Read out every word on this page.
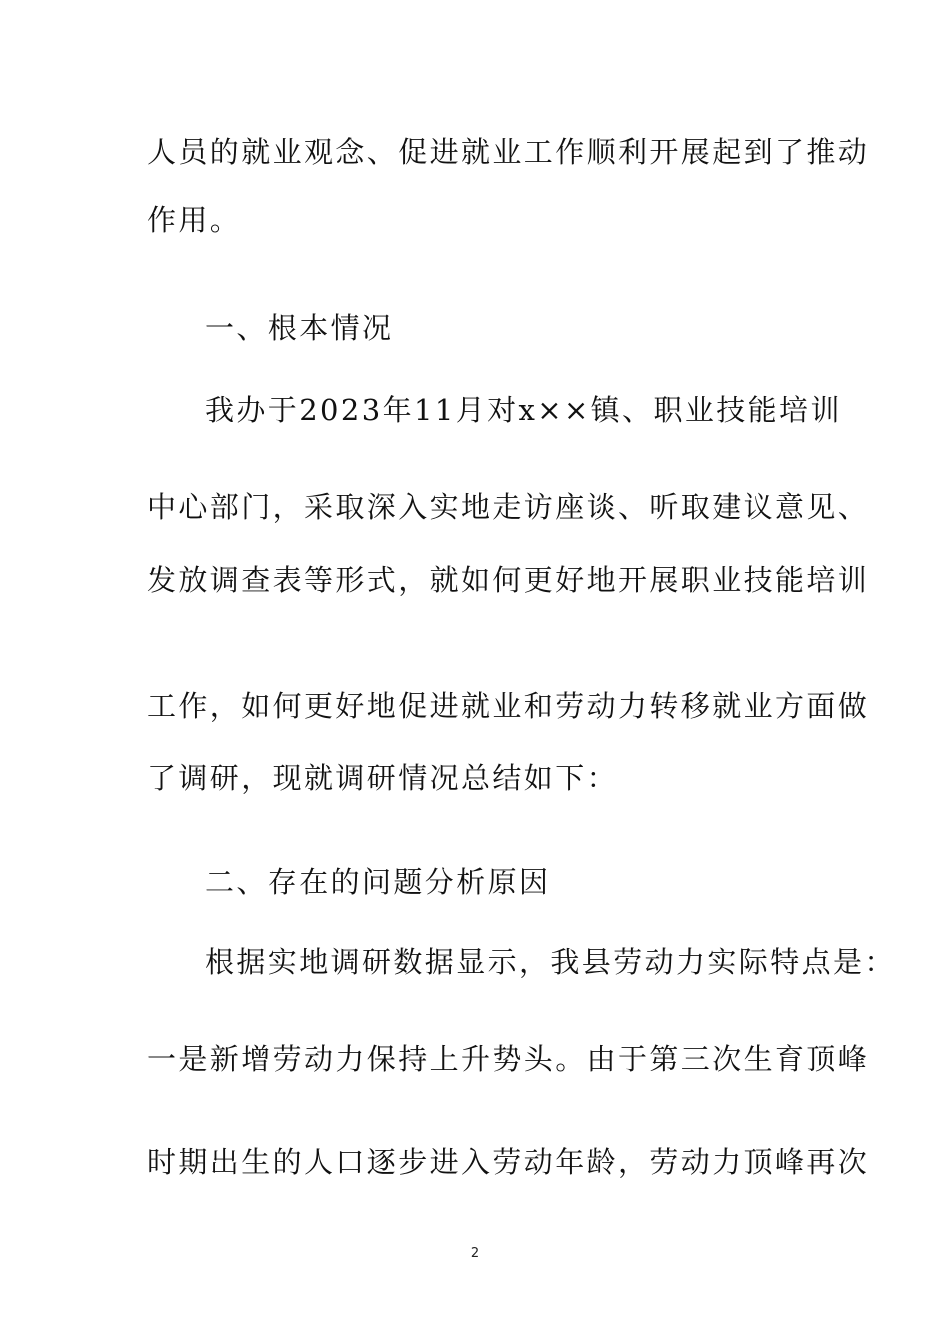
人员的就业观念、促进就业工作顺利开展起到了推动
作用。
一、根本情况
我办于2023年11月对x××镇、职业技能培训
中心部门，采取深入实地走访座谈、听取建议意见、
发放调查表等形式，就如何更好地开展职业技能培训
工作，如何更好地促进就业和劳动力转移就业方面做
了调研，现就调研情况总结如下：
二、存在的问题分析原因
根据实地调研数据显示，我县劳动力实际特点是：
一是新增劳动力保持上升势头。由于第三次生育顶峰
时期出生的人口逐步进入劳动年龄，劳动力顶峰再次
2
